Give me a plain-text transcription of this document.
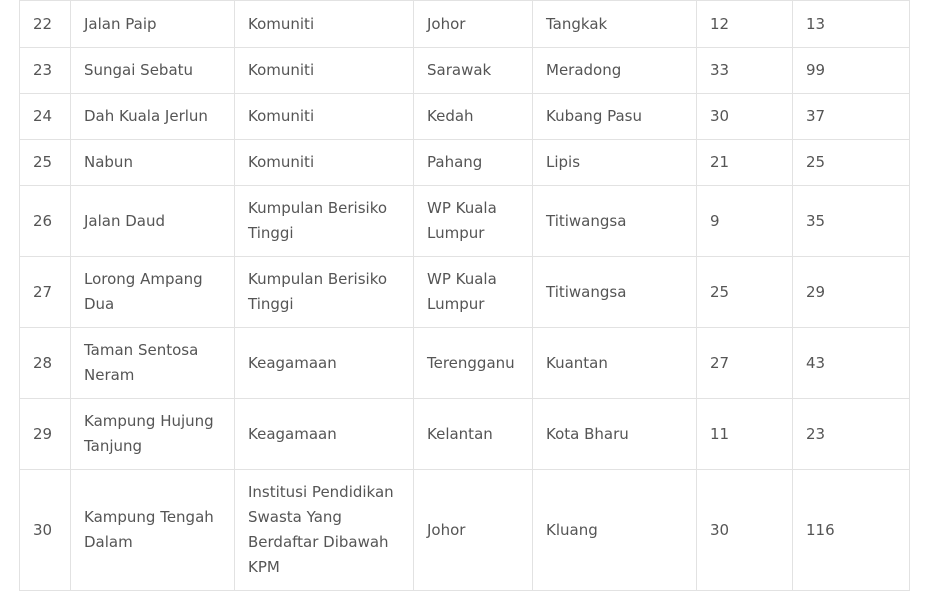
22	Jalan Paip	Komuniti	Johor	Tangkak	12	13
23	Sungai Sebatu	Komuniti	Sarawak	Meradong	33	99
24	Dah Kuala Jerlun	Komuniti	Kedah	Kubang Pasu	30	37
25	Nabun	Komuniti	Pahang	Lipis	21	25
26	Jalan Daud	Kumpulan Berisiko Tinggi	WP Kuala Lumpur	Titiwangsa	9	35
27	Lorong Ampang Dua	Kumpulan Berisiko Tinggi	WP Kuala Lumpur	Titiwangsa	25	29
28	Taman Sentosa Neram	Keagamaan	Terengganu	Kuantan	27	43
29	Kampung Hujung Tanjung	Keagamaan	Kelantan	Kota Bharu	11	23
30	Kampung Tengah Dalam	Institusi Pendidikan Swasta Yang Berdaftar Dibawah KPM	Johor	Kluang	30	116
